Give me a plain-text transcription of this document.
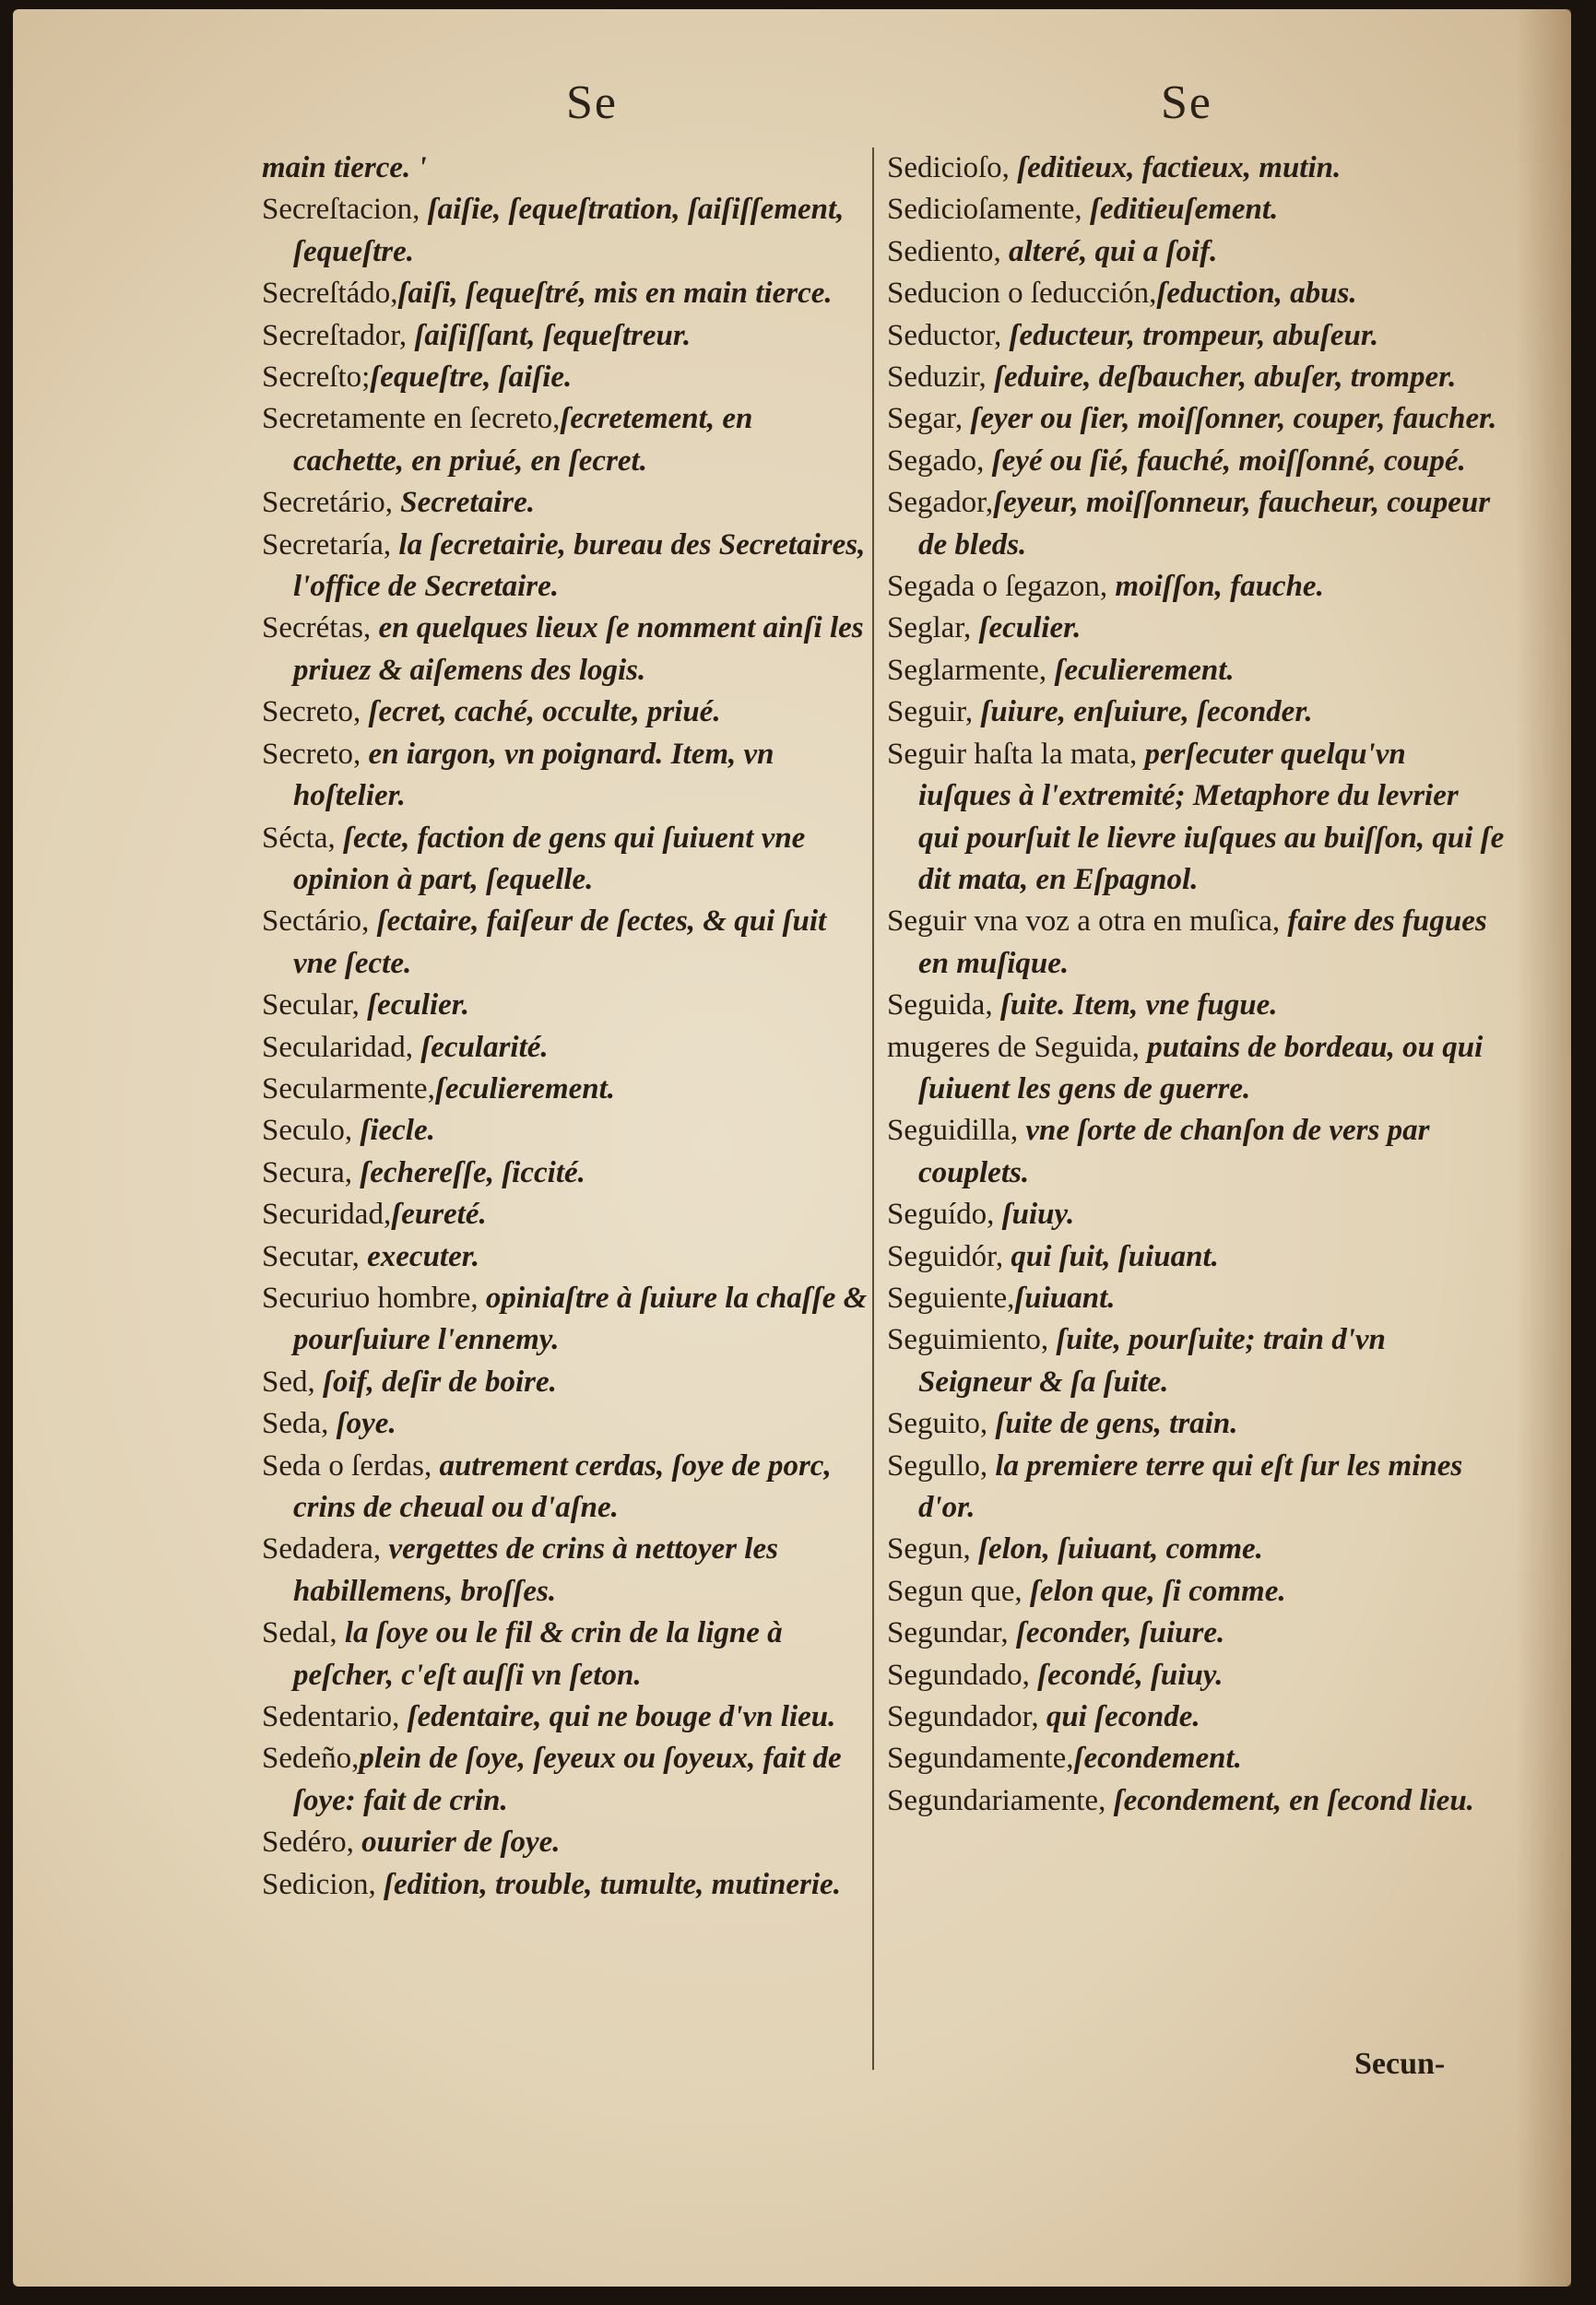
Se	Se

main tierce. '

Secreſtacion, ſaiſie, ſequeſtration, ſaiſiſſement, ſequeſtre.

Secreſtádo,ſaiſi, ſequeſtré, mis en main tierce.

Secreſtador, ſaiſiſſant, ſequeſtreur.

Secreſto;ſequeſtre, ſaiſie.

Secretamente en ſecreto,ſecretement, en cachette, en priué, en ſecret.

Secretário, Secretaire.

Secretaría, la ſecretairie, bureau des Secretaires, l'office de Secretaire.

Secrétas, en quelques lieux ſe nomment ainſi les priuez & aiſemens des logis.

Secreto, ſecret, caché, occulte, priué.

Secreto, en iargon, vn poignard. Item, vn hoſtelier.

Sécta, ſecte, faction de gens qui ſuiuent vne opinion à part, ſequelle.

Sectário, ſectaire, faiſeur de ſectes, & qui ſuit vne ſecte.

Secular, ſeculier.

Secularidad, ſecularité.

Secularmente,ſeculierement.

Seculo, ſiecle.

Secura, ſechereſſe, ſiccité.

Securidad,ſeureté.

Secutar, executer.

Securiuo hombre, opiniaſtre à ſuiure la chaſſe & pourſuiure l'ennemy.

Sed, ſoif, deſir de boire.

Seda, ſoye.

Seda o ſerdas, autrement cerdas, ſoye de porc, crins de cheual ou d'aſne.

Sedadera, vergettes de crins à nettoyer les habillemens, broſſes.

Sedal, la ſoye ou le fil & crin de la ligne à peſcher, c'eſt auſſi vn ſeton.

Sedentario, ſedentaire, qui ne bouge d'vn lieu.

Sedeño,plein de ſoye, ſeyeux ou ſoyeux, fait de ſoye: fait de crin.

Sedéro, ouurier de ſoye.

Sedicion, ſedition, trouble, tumulte, mutinerie.

Sedicioſo, ſeditieux, factieux, mutin.

Sedicioſamente, ſeditieuſement.

Sediento, alteré, qui a ſoif.

Seducion o ſeducción,ſeduction, abus.

Seductor, ſeducteur, trompeur, abuſeur.

Seduzir, ſeduire, deſbaucher, abuſer, tromper.

Segar, ſeyer ou ſier, moiſſonner, couper, faucher.

Segado, ſeyé ou ſié, fauché, moiſſonné, coupé.

Segador,ſeyeur, moiſſonneur, faucheur, coupeur de bleds.

Segada o ſegazon, moiſſon, fauche.

Seglar, ſeculier.

Seglarmente, ſeculierement.

Seguir, ſuiure, enſuiure, ſeconder.

Seguir haſta la mata, perſecuter quelqu'vn iuſques à l'extremité; Metaphore du levrier qui pourſuit le lievre iuſques au buiſſon, qui ſe dit mata, en Eſpagnol.

Seguir vna voz a otra en muſica, faire des fugues en muſique.

Seguida, ſuite. Item, vne fugue.

mugeres de Seguida, putains de bordeau, ou qui ſuiuent les gens de guerre.

Seguidilla, vne ſorte de chanſon de vers par couplets.

Seguído, ſuiuy.

Seguidór, qui ſuit, ſuiuant.

Seguiente,ſuiuant.

Seguimiento, ſuite, pourſuite; train d'vn Seigneur & ſa ſuite.

Seguito, ſuite de gens, train.

Segullo, la premiere terre qui eſt ſur les mines d'or.

Segun, ſelon, ſuiuant, comme.

Segun que, ſelon que, ſi comme.

Segundar, ſeconder, ſuiure.

Segundado, ſecondé, ſuiuy.

Segundador, qui ſeconde.

Segundamente,ſecondement.

Segundariamente, ſecondement, en ſecond lieu.

Secun-
